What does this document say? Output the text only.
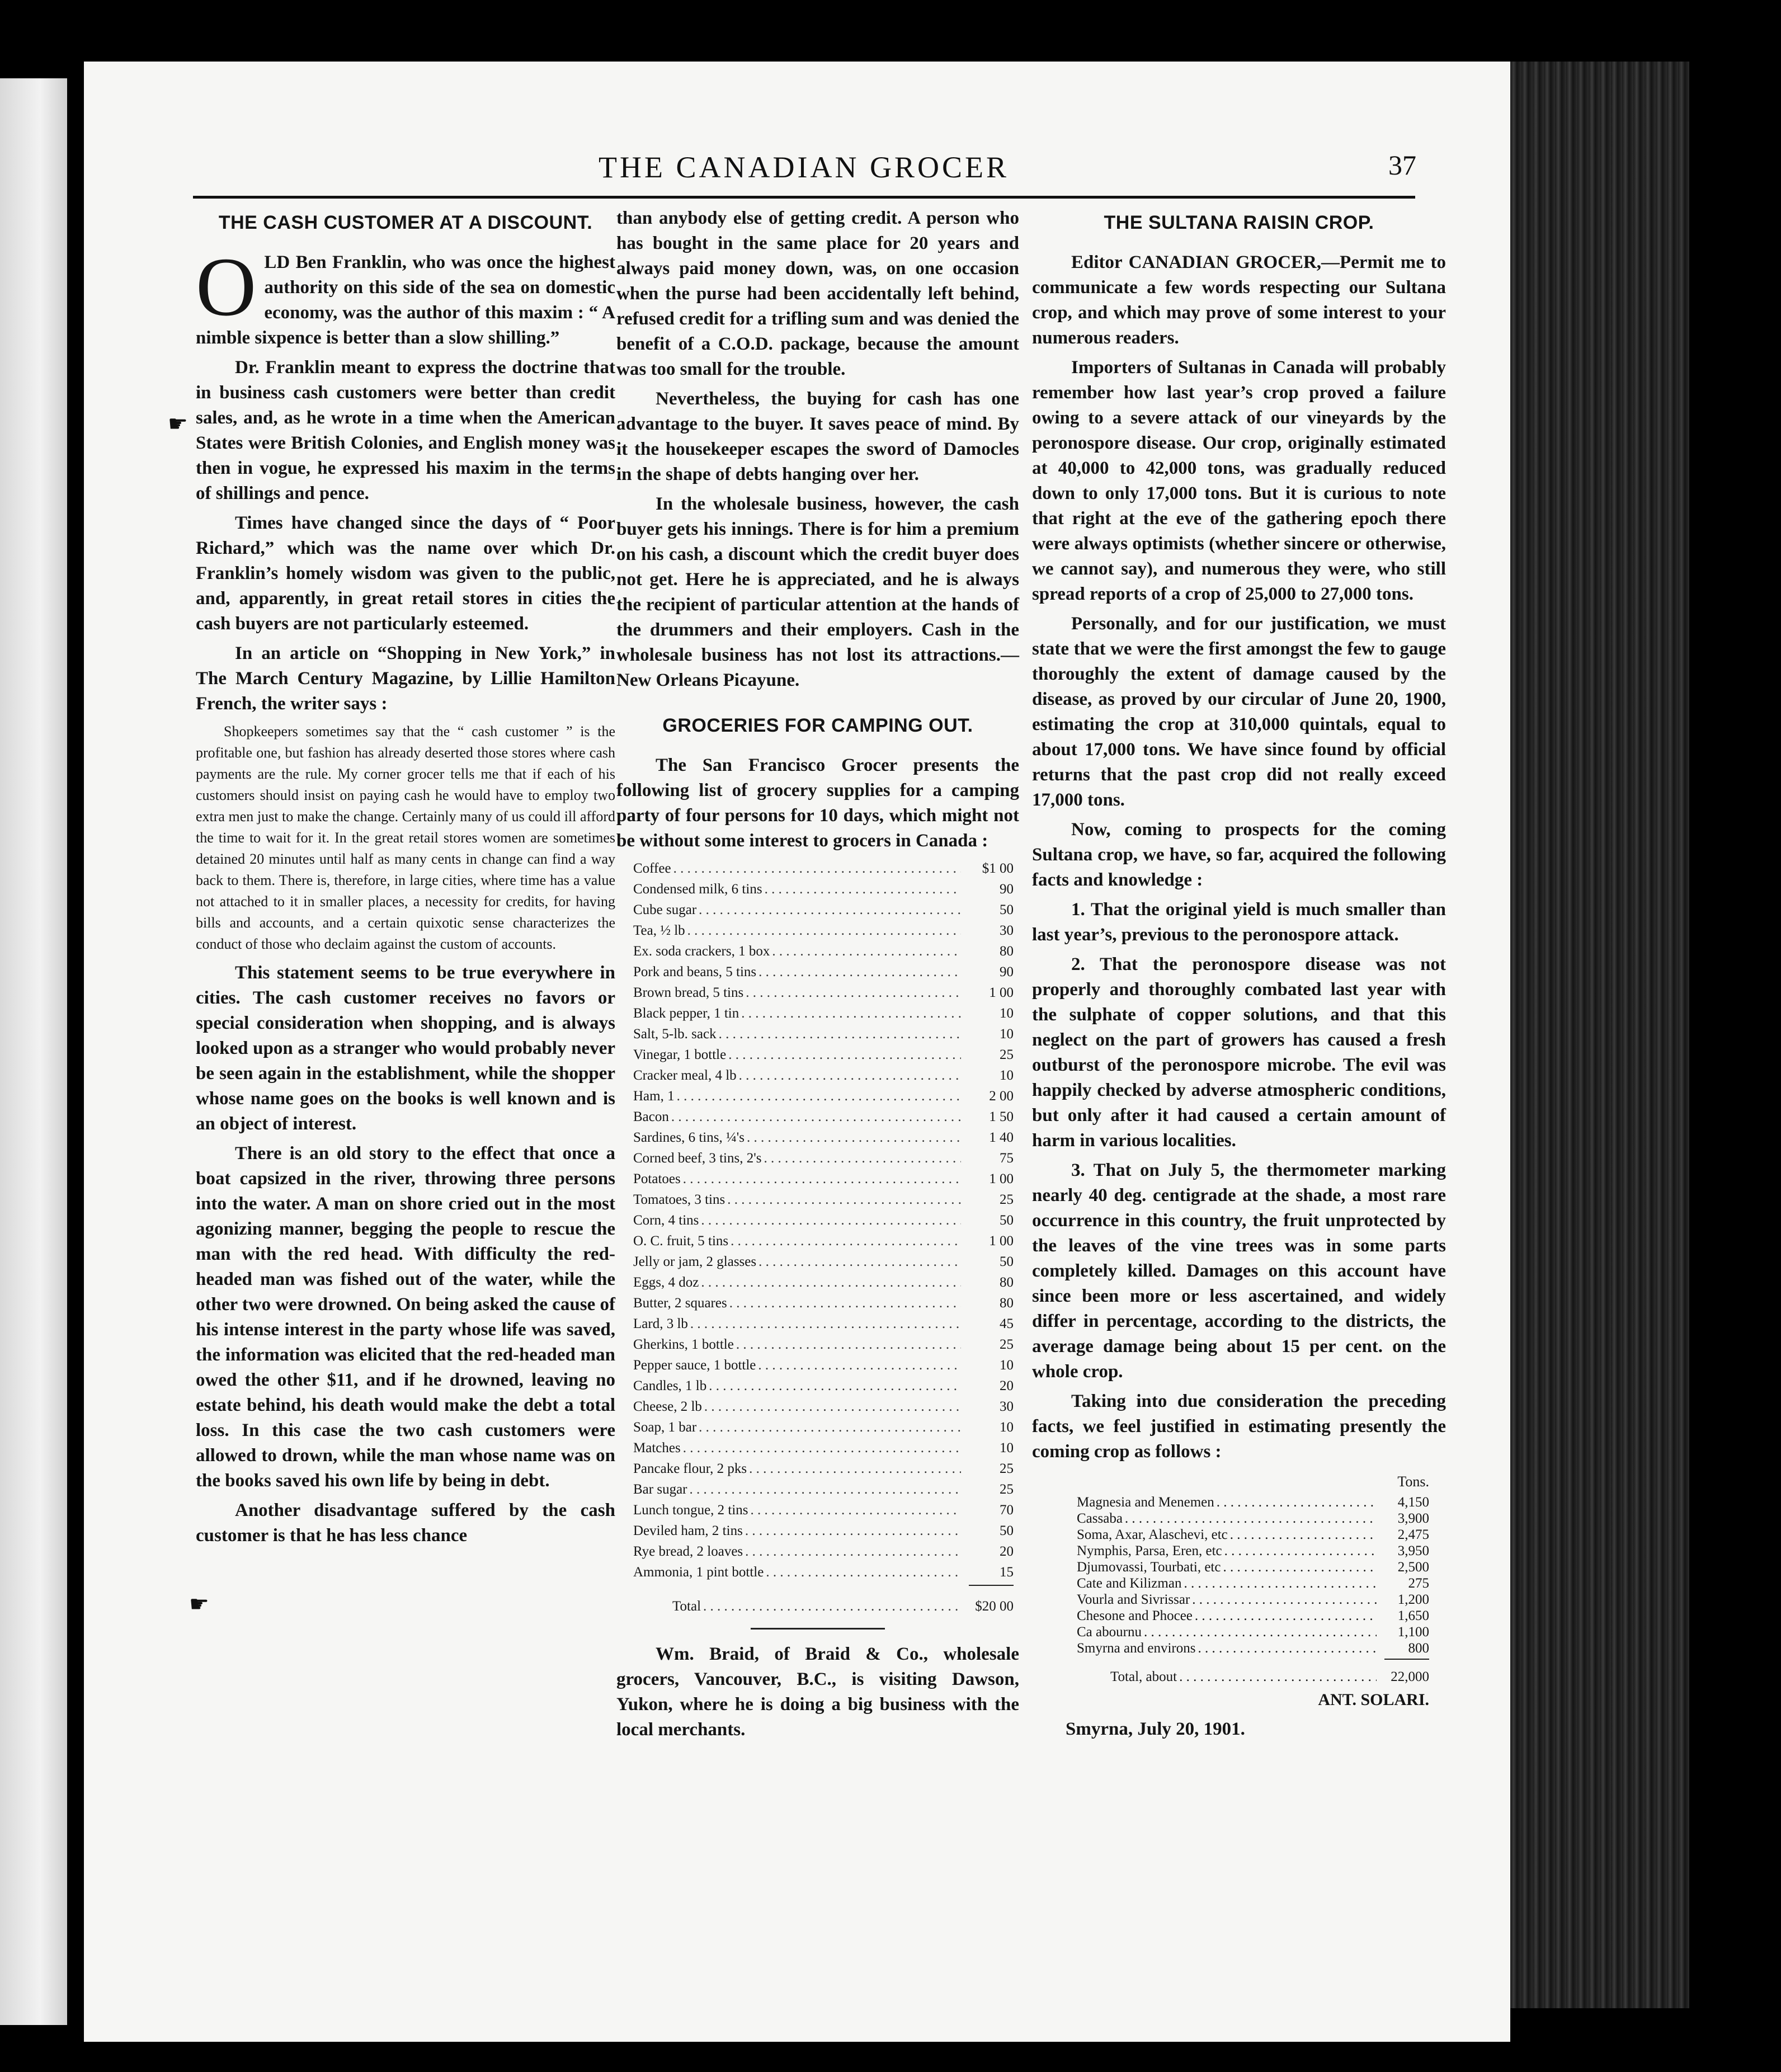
THE CANADIAN GROCER	37
☛
☛
THE CASH CUSTOMER AT A DISCOUNT.

O LD Ben Franklin, who was once the highest authority on this side of the sea on domestic economy, was the author of this maxim : “ A nimble sixpence is better than a slow shilling.”

Dr. Franklin meant to express the doctrine that in business cash customers were better than credit sales, and, as he wrote in a time when the American States were British Colonies, and English money was then in vogue, he expressed his maxim in the terms of shillings and pence.

Times have changed since the days of “ Poor Richard,” which was the name over which Dr. Franklin’s homely wisdom was given to the public, and, apparently, in great retail stores in cities the cash buyers are not particularly esteemed.

In an article on “Shopping in New York,” in The March Century Magazine, by Lillie Hamilton French, the writer says :

Shopkeepers sometimes say that the “ cash customer ” is the profitable one, but fashion has already deserted those stores where cash payments are the rule. My corner grocer tells me that if each of his customers should insist on paying cash he would have to employ two extra men just to make the change. Certainly many of us could ill afford the time to wait for it. In the great retail stores women are sometimes detained 20 minutes until half as many cents in change can find a way back to them. There is, therefore, in large cities, where time has a value not attached to it in smaller places, a necessity for credits, for having bills and accounts, and a certain quixotic sense characterizes the conduct of those who declaim against the custom of accounts.

This statement seems to be true everywhere in cities. The cash customer receives no favors or special consideration when shopping, and is always looked upon as a stranger who would probably never be seen again in the establishment, while the shopper whose name goes on the books is well known and is an object of interest.

There is an old story to the effect that once a boat capsized in the river, throwing three persons into the water. A man on shore cried out in the most agonizing manner, begging the people to rescue the man with the red head. With difficulty the red-headed man was fished out of the water, while the other two were drowned. On being asked the cause of his intense interest in the party whose life was saved, the information was elicited that the red-headed man owed the other $11, and if he drowned, leaving no estate behind, his death would make the debt a total loss. In this case the two cash customers were allowed to drown, while the man whose name was on the books saved his own life by being in debt.

Another disadvantage suffered by the cash customer is that he has less chance

than anybody else of getting credit. A person who has bought in the same place for 20 years and always paid money down, was, on one occasion when the purse had been accidentally left behind, refused credit for a trifling sum and was denied the benefit of a C.O.D. package, because the amount was too small for the trouble.

Nevertheless, the buying for cash has one advantage to the buyer. It saves peace of mind. By it the housekeeper escapes the sword of Damocles in the shape of debts hanging over her.

In the wholesale business, however, the cash buyer gets his innings. There is for him a premium on his cash, a discount which the credit buyer does not get. Here he is appreciated, and he is always the recipient of particular attention at the hands of the drummers and their employers. Cash in the wholesale business has not lost its attractions.—New Orleans Picayune.

GROCERIES FOR CAMPING OUT.

The San Francisco Grocer presents the following list of grocery supplies for a camping party of four persons for 10 days, which might not be without some interest to grocers in Canada :

Coffee . . .	$1 00
Condensed milk, 6 tins . . .	90
Cube sugar . . .	50
Tea, ½ lb . . .	30
Ex. soda crackers, 1 box . . .	80
Pork and beans, 5 tins . . .	90
Brown bread, 5 tins . . .	1 00
Black pepper, 1 tin . . .	10
Salt, 5-lb. sack . . .	10
Vinegar, 1 bottle . . .	25
Cracker meal, 4 lb . . .	10
Ham, 1 . . .	2 00
Bacon . . .	1 50
Sardines, 6 tins, ¼'s . . .	1 40
Corned beef, 3 tins, 2's . . .	75
Potatoes . . .	1 00
Tomatoes, 3 tins . . .	25
Corn, 4 tins . . .	50
O. C. fruit, 5 tins . . .	1 00
Jelly or jam, 2 glasses . . .	50
Eggs, 4 doz . . .	80
Butter, 2 squares . . .	80
Lard, 3 lb . . .	45
Gherkins, 1 bottle . . .	25
Pepper sauce, 1 bottle . . .	10
Candles, 1 lb . . .	20
Cheese, 2 lb . . .	30
Soap, 1 bar . . .	10
Matches . . .	10
Pancake flour, 2 pks . . .	25
Bar sugar . . .	25
Lunch tongue, 2 tins . . .	70
Deviled ham, 2 tins . . .	50
Rye bread, 2 loaves . . .	20
Ammonia, 1 pint bottle . . .	15
Total . . .	$20 00

Wm. Braid, of Braid & Co., wholesale grocers, Vancouver, B.C., is visiting Dawson, Yukon, where he is doing a big business with the local merchants.

THE SULTANA RAISIN CROP.

Editor CANADIAN GROCER,—Permit me to communicate a few words respecting our Sultana crop, and which may prove of some interest to your numerous readers.

Importers of Sultanas in Canada will probably remember how last year’s crop proved a failure owing to a severe attack of our vineyards by the peronospore disease. Our crop, originally estimated at 40,000 to 42,000 tons, was gradually reduced down to only 17,000 tons. But it is curious to note that right at the eve of the gathering epoch there were always optimists (whether sincere or otherwise, we cannot say), and numerous they were, who still spread reports of a crop of 25,000 to 27,000 tons.

Personally, and for our justification, we must state that we were the first amongst the few to gauge thoroughly the extent of damage caused by the disease, as proved by our circular of June 20, 1900, estimating the crop at 310,000 quintals, equal to about 17,000 tons. We have since found by official returns that the past crop did not really exceed 17,000 tons.

Now, coming to prospects for the coming Sultana crop, we have, so far, acquired the following facts and knowledge :

1. That the original yield is much smaller than last year’s, previous to the peronospore attack.

2. That the peronospore disease was not properly and thoroughly combated last year with the sulphate of copper solutions, and that this neglect on the part of growers has caused a fresh outburst of the peronospore microbe. The evil was happily checked by adverse atmospheric conditions, but only after it had caused a certain amount of harm in various localities.

3. That on July 5, the thermometer marking nearly 40 deg. centigrade at the shade, a most rare occurrence in this country, the fruit unprotected by the leaves of the vine trees was in some parts completely killed. Damages on this account have since been more or less ascertained, and widely differ in percentage, according to the districts, the average damage being about 15 per cent. on the whole crop.

Taking into due consideration the preceding facts, we feel justified in estimating presently the coming crop as follows :

Tons.
Magnesia and Menemen . . .	4,150
Cassaba . . .	3,900
Soma, Axar, Alaschevi, etc . . .	2,475
Nymphis, Parsa, Eren, etc . . .	3,950
Djumovassi, Tourbati, etc . . .	2,500
Cate and Kilizman . . .	275
Vourla and Sivrissar . . .	1,200
Chesone and Phocee . . .	1,650
Ca abournu . . .	1,100
Smyrna and environs . . .	800
Total, about . . .	22,000
ANT. SOLARI.
Smyrna, July 20, 1901.
